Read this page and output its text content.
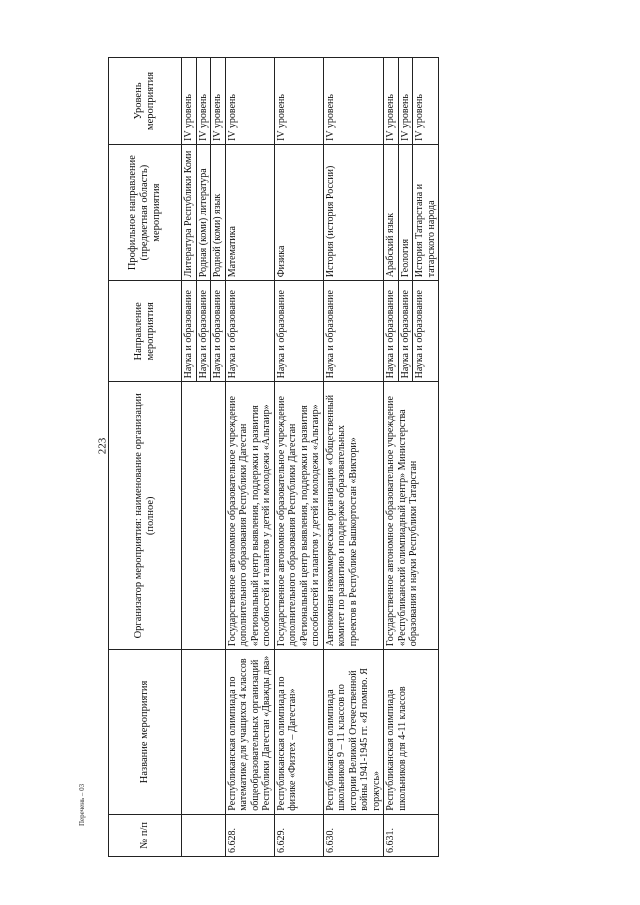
223
Перечень – 03
№ п/п	Название мероприятия	Организатор мероприятия: наименование организации (полное)	Направление мероприятия	Профильное направление (предметная область) мероприятия	Уровень мероприятия
			Наука и образование	Литература Республики Коми	IV уровень
			Наука и образование	Родная (коми) литература	IV уровень
			Наука и образование	Родной (коми) язык	IV уровень
6.628.	Республиканская олимпиада по математике для учащихся 4 классов общеобразовательных организаций Республики Дагестан «Дважды два»	Государственное автономное образовательное учреждение дополнительного образования Республики Дагестан «Региональный центр выявления, поддержки и развития способностей и талантов у детей и молодежи «Альтаир»	Наука и образование	Математика	IV уровень
6.629.	Республиканская олимпиада по физике «Физтех – Дагестан»	Государственное автономное образовательное учреждение дополнительного образования Республики Дагестан «Региональный центр выявления, поддержки и развития способностей и талантов у детей и молодежи «Альтаир»	Наука и образование	Физика	IV уровень
6.630.	Республиканская олимпиада школьников 9 – 11 классов по истории Великой Отечественной войны 1941-1945 гг. «Я помню. Я горжусь»	Автономная некоммерческая организация «Общественный комитет по развитию и поддержке образовательных проектов в Республике Башкортостан «Виктори»	Наука и образование	История (история России)	IV уровень
6.631.	Республиканская олимпиада школьников для 4-11 классов	Государственное автономное образовательное учреждение «Республиканский олимпиадный центр» Министерства образования и науки Республики Татарстан	Наука и образование	Арабский язык	IV уровень
			Наука и образование	Геология	IV уровень
			Наука и образование	История Татарстана и татарского народа	IV уровень
